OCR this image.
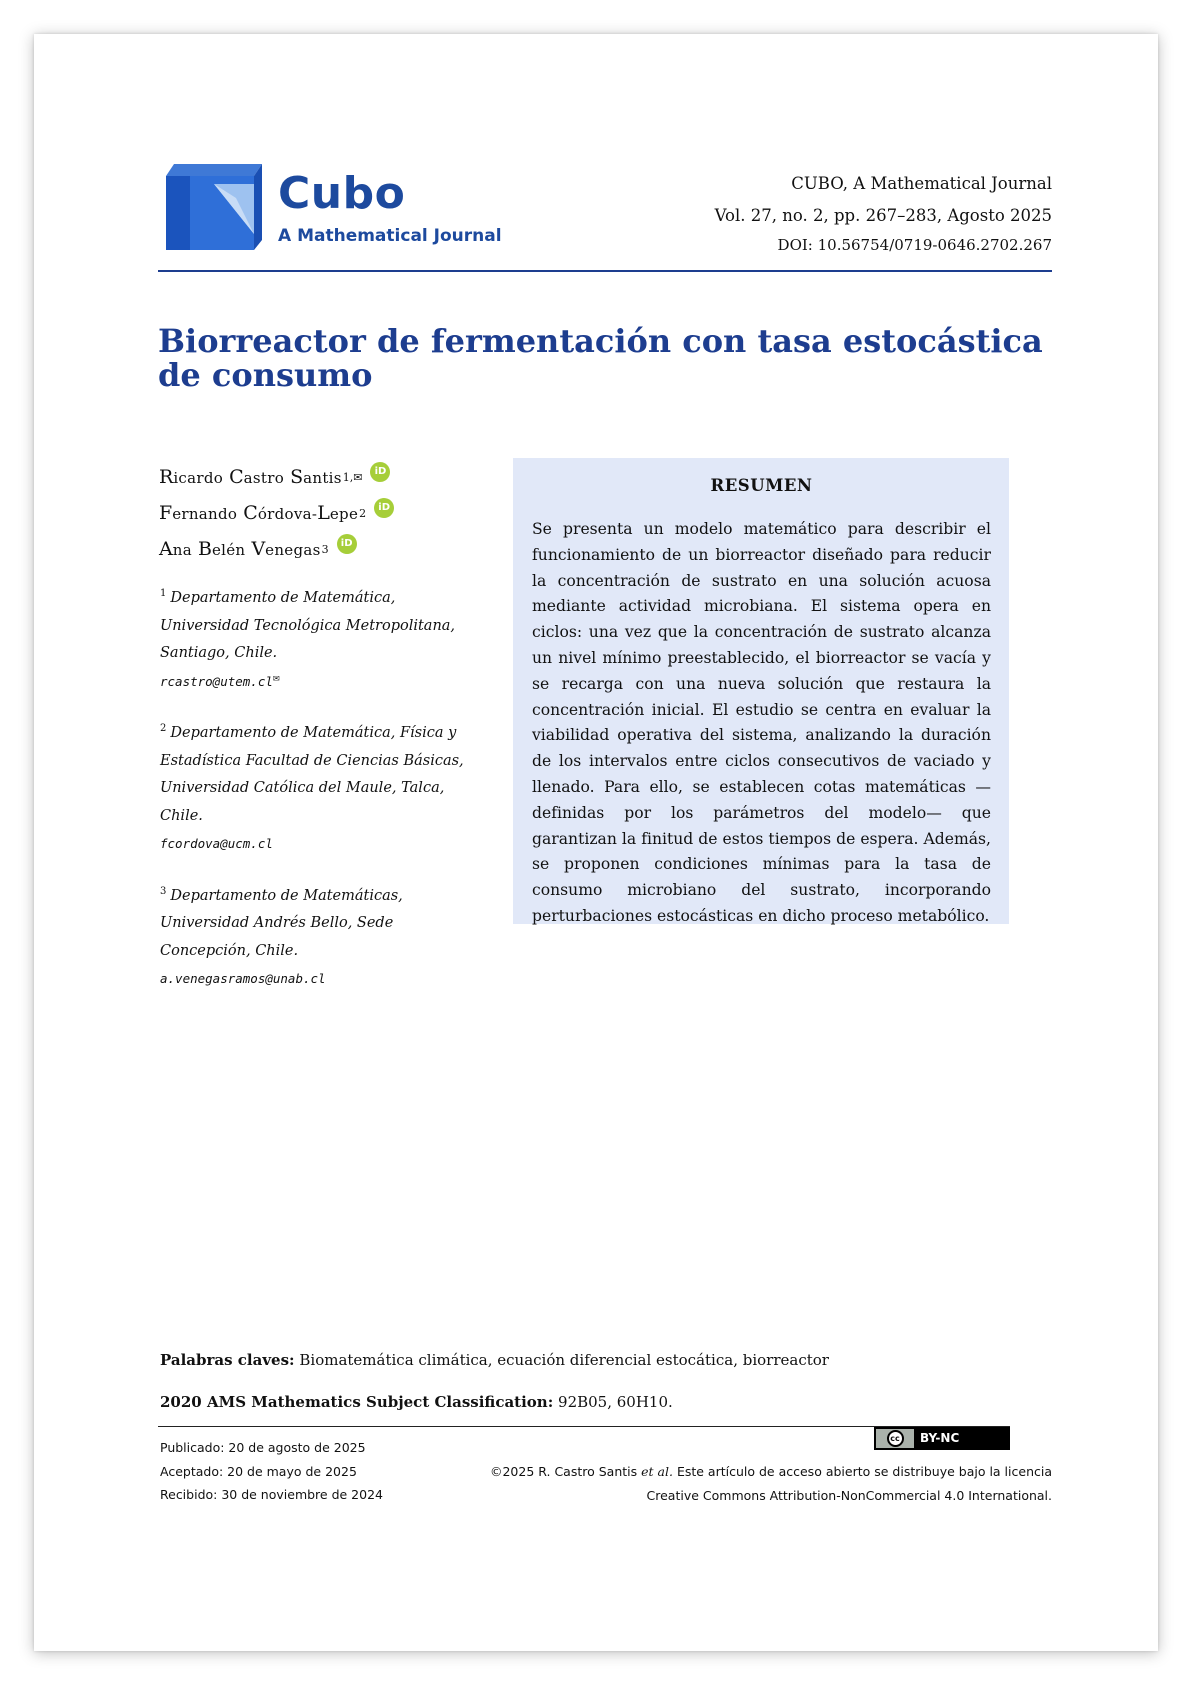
Cubo
A Mathematical Journal
CUBO, A Mathematical Journal
Vol. 27, no. 2, pp. 267–283, Agosto 2025
DOI: 10.56754/0719-0646.2702.267
Biorreactor de fermentación con tasa estocástica de consumo
Ricardo Castro Santis 1,✉	iD
Fernando Córdova-Lepe 2	iD
Ana Belén Venegas 3	iD
$^1$ Departamento de Matemática,
Universidad Tecnológica Metropolitana,
Santiago, Chile.
rcastro@utem.cl✉
$^2$ Departamento de Matemática, Física y
Estadística Facultad de Ciencias Básicas,
Universidad Católica del Maule, Talca,
Chile.
fcordova@ucm.cl
$^3$ Departamento de Matemáticas,
Universidad Andrés Bello, Sede
Concepción, Chile.
a.venegasramos@unab.cl
RESUMEN
Se presenta un modelo matemático para describir el funcionamiento de un biorreactor diseñado para reducir la concentración de sustrato en una solución acuosa mediante actividad microbiana. El sistema opera en ciclos: una vez que la concentración de sustrato alcanza un nivel mínimo preestablecido, el biorreactor se vacía y se recarga con una nueva solución que restaura la concentración inicial. El estudio se centra en evaluar la viabilidad operativa del sistema, analizando la duración de los intervalos entre ciclos consecutivos de vaciado y llenado. Para ello, se establecen cotas matemáticas —definidas por los parámetros del modelo— que garantizan la finitud de estos tiempos de espera. Además, se proponen condiciones mínimas para la tasa de consumo microbiano del sustrato, incorporando perturbaciones estocásticas en dicho proceso metabólico.
Palabras claves: Biomatemática climática, ecuación diferencial estocática, biorreactor
2020 AMS Mathematics Subject Classification: 92B05, 60H10.
Publicado: 20 de agosto de 2025
Aceptado: 20 de mayo de 2025
Recibido: 30 de noviembre de 2024
cc	BY-NC
©2025 R. Castro Santis et al. Este artículo de acceso abierto se distribuye bajo la licencia
Creative Commons Attribution-NonCommercial 4.0 International.
